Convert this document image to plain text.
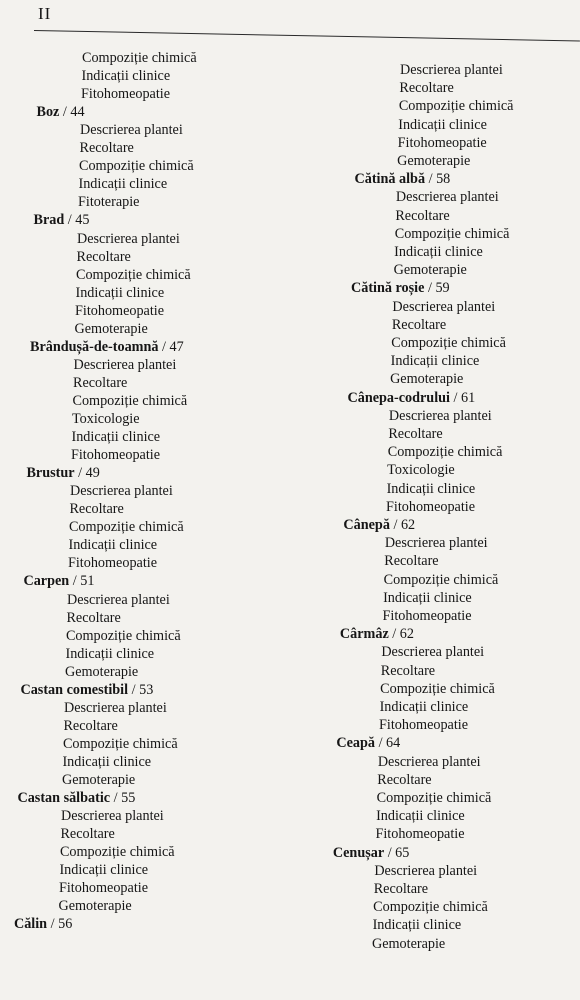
II
Compoziție chimică
Indicații clinice
Fitohomeopatie
Boz / 44
Descrierea plantei
Recoltare
Compoziție chimică
Indicații clinice
Fitoterapie
Brad / 45
Descrierea plantei
Recoltare
Compoziție chimică
Indicații clinice
Fitohomeopatie
Gemoterapie
Brândușă-de-toamnă / 47
Descrierea plantei
Recoltare
Compoziție chimică
Toxicologie
Indicații clinice
Fitohomeopatie
Brustur / 49
Descrierea plantei
Recoltare
Compoziție chimică
Indicații clinice
Fitohomeopatie
Carpen / 51
Descrierea plantei
Recoltare
Compoziție chimică
Indicații clinice
Gemoterapie
Castan comestibil / 53
Descrierea plantei
Recoltare
Compoziție chimică
Indicații clinice
Gemoterapie
Castan sălbatic / 55
Descrierea plantei
Recoltare
Compoziție chimică
Indicații clinice
Fitohomeopatie
Gemoterapie
Călin / 56
Descrierea plantei
Recoltare
Compoziție chimică
Indicații clinice
Fitohomeopatie
Gemoterapie
Cătină albă / 58
Descrierea plantei
Recoltare
Compoziție chimică
Indicații clinice
Gemoterapie
Cătină roșie / 59
Descrierea plantei
Recoltare
Compoziție chimică
Indicații clinice
Gemoterapie
Cânepa-codrului / 61
Descrierea plantei
Recoltare
Compoziție chimică
Toxicologie
Indicații clinice
Fitohomeopatie
Cânepă / 62
Descrierea plantei
Recoltare
Compoziție chimică
Indicații clinice
Fitohomeopatie
Cârmâz / 62
Descrierea plantei
Recoltare
Compoziție chimică
Indicații clinice
Fitohomeopatie
Ceapă / 64
Descrierea plantei
Recoltare
Compoziție chimică
Indicații clinice
Fitohomeopatie
Cenușar / 65
Descrierea plantei
Recoltare
Compoziție chimică
Indicații clinice
Gemoterapie
